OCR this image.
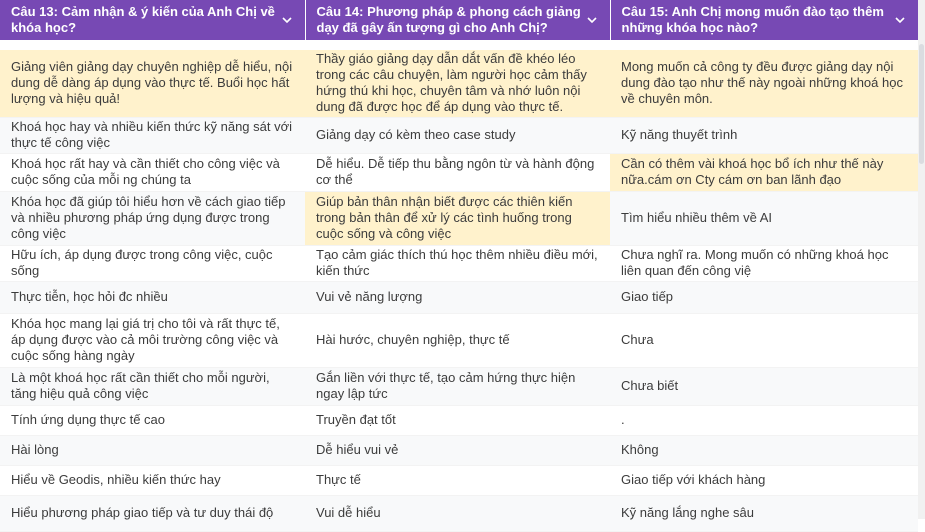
Câu 13: Cảm nhận & ý kiến của Anh Chị về khóa học?	Câu 14: Phương pháp & phong cách giảng dạy đã gây ấn tượng gì cho Anh Chị?	Câu 15: Anh Chị mong muốn đào tạo thêm những khóa học nào?

Giảng viên giảng dạy chuyên nghiệp dễ hiểu, nội dung dễ dàng áp dụng vào thực tế. Buổi học hất lượng và hiệu quả!	Thầy giáo giảng dạy dẫn dắt vấn đề khéo léo trong các câu chuyện, làm người học cảm thấy hứng thú khi học, chuyên tâm và nhớ luôn nội dung đã được học để áp dụng vào thực tế.	Mong muốn cả công ty đều được giảng dạy nội dung đào tạo như thế này ngoài những khoá học về chuyên môn.
Khoá học hay và nhiều kiến thức kỹ năng sát với thực tế công việc	Giảng dạy có kèm theo case study	Kỹ năng thuyết trình
Khoá học rất hay và cần thiết cho công việc và cuộc sống của mỗi ng chúng ta	Dễ hiểu. Dễ tiếp thu bằng ngôn từ và hành động cơ thể	Cần có thêm vài khoá học bổ ích như thế này nữa.cám ơn Cty cám ơn ban lãnh đạo
Khóa học đã giúp tôi hiểu hơn về cách giao tiếp và nhiều phương pháp ứng dụng được trong công việc	Giúp bản thân nhận biết được các thiên kiến trong bản thân để xử lý các tình huống trong cuộc sống và công việc	Tìm hiểu nhiều thêm về AI
Hữu ích, áp dụng được trong công việc, cuộc sống	Tạo cảm giác thích thú học thêm nhiều điều mới, kiến thức	Chưa nghĩ ra. Mong muốn có những khoá học liên quan đến công việ
Thực tiễn, học hỏi đc nhiều	Vui vẻ năng lượng	Giao tiếp
Khóa học mang lại giá trị cho tôi và rất thực tế, áp dụng được vào cả môi trường công việc và cuộc sống hàng ngày	Hài hước, chuyên nghiệp, thực tế	Chưa
Là một khoá học rất cần thiết cho mỗi người, tăng hiệu quả công việc	Gắn liền với thực tế, tạo cảm hứng thực hiện ngay lập tức	Chưa biết
Tính ứng dụng thực tế cao	Truyền đạt tốt	.
Hài lòng	Dễ hiểu vui vẻ	Không
Hiểu về Geodis, nhiều kiến thức hay	Thực tế	Giao tiếp với khách hàng
Hiểu phương pháp giao tiếp và tư duy thái độ	Vui dễ hiểu	Kỹ năng lắng nghe sâu
